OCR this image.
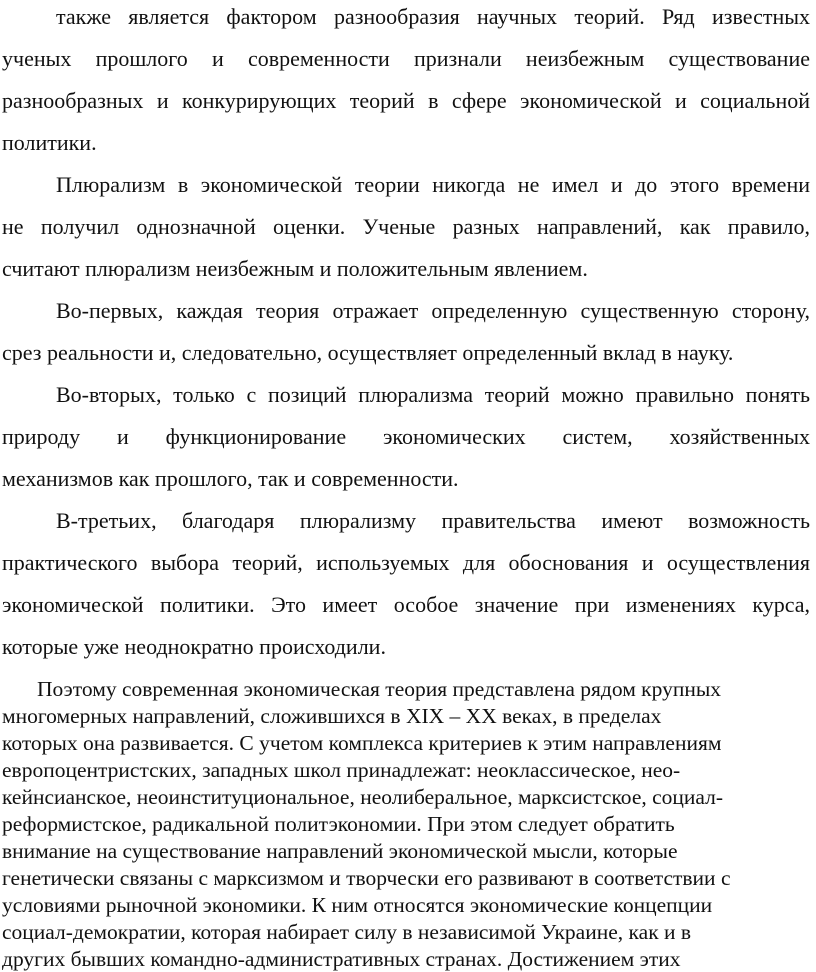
также является фактором разнообразия научных теорий. Ряд известных
ученых прошлого и современности признали неизбежным существование
разнообразных и конкурирующих теорий в сфере экономической и социальной
политики.
Плюрализм в экономической теории никогда не имел и до этого времени
не получил однозначной оценки. Ученые разных направлений, как правило,
считают плюрализм неизбежным и положительным явлением.
Во-первых, каждая теория отражает определенную существенную сторону,
срез реальности и, следовательно, осуществляет определенный вклад в науку.
Во-вторых, только с позиций плюрализма теорий можно правильно понять
природу и функционирование экономических систем, хозяйственных
механизмов как прошлого, так и современности.
В-третьих, благодаря плюрализму правительства имеют возможность
практического выбора теорий, используемых для обоснования и осуществления
экономической политики. Это имеет особое значение при изменениях курса,
которые уже неоднократно происходили.
Поэтому современная экономическая теория представлена рядом крупных
многомерных направлений, сложившихся в XIX – XX веках, в пределах
которых она развивается. С учетом комплекса критериев к этим направлениям
европоцентристских, западных школ принадлежат: неоклассическое, нео-
кейнсианское, неоинституциональное, неолиберальное, марксистское, социал-
реформистское, радикальной политэкономии. При этом следует обратить
внимание на существование направлений экономической мысли, которые
генетически связаны с марксизмом и творчески его развивают в соответствии с
условиями рыночной экономики. К ним относятся экономические концепции
социал-демократии, которая набирает силу в независимой Украине, как и в
других бывших командно-административных странах. Достижением этих
